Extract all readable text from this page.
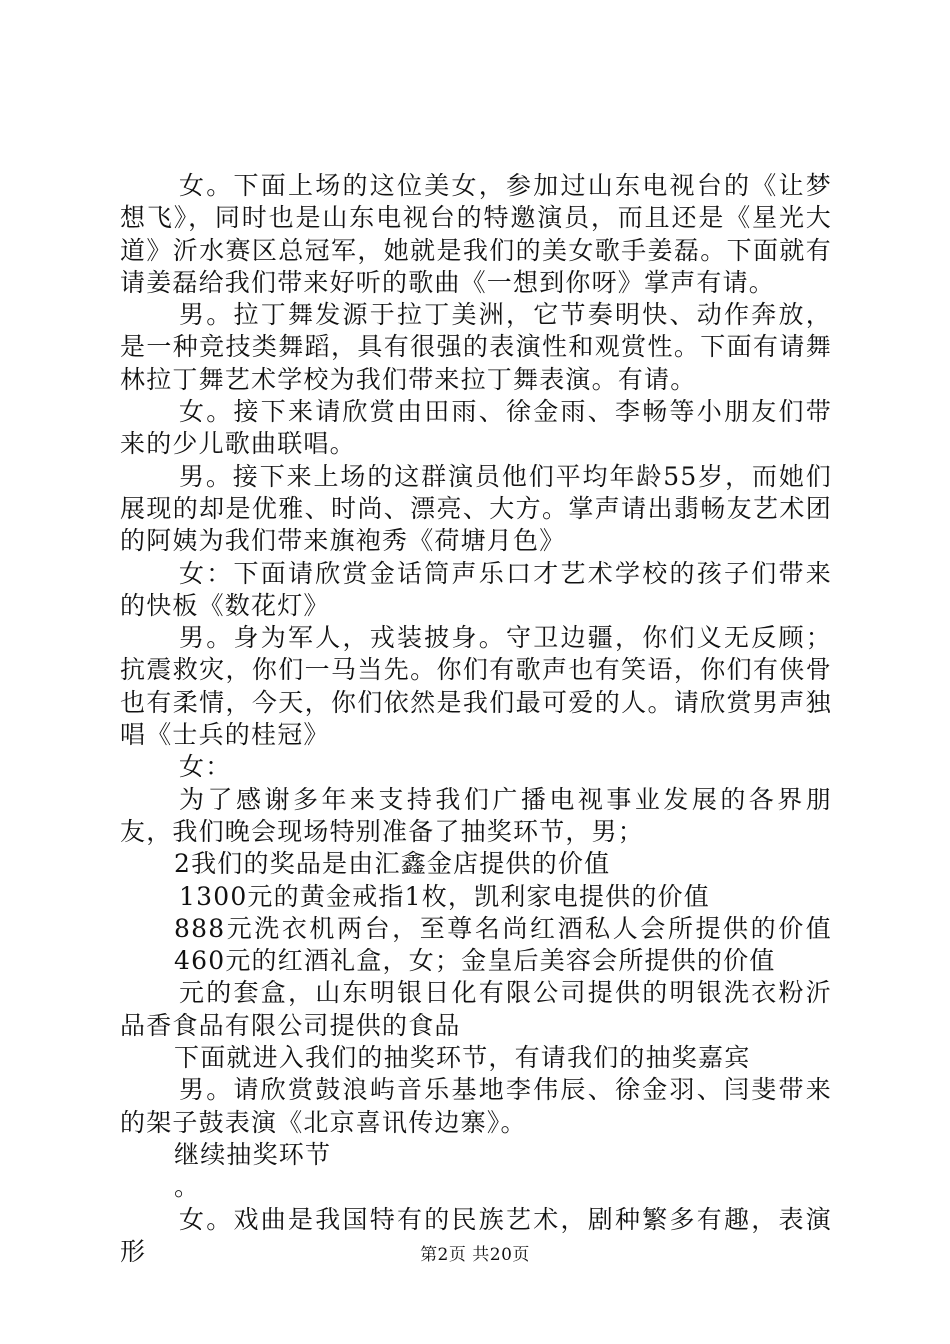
女。下面上场的这位美女，参加过山东电视台的《让梦想飞》，同时也是山东电视台的特邀演员，而且还是《星光大道》沂水赛区总冠军，她就是我们的美女歌手姜磊。下面就有请姜磊给我们带来好听的歌曲《一想到你呀》掌声有请。

男。拉丁舞发源于拉丁美洲，它节奏明快、动作奔放，是一种竞技类舞蹈，具有很强的表演性和观赏性。下面有请舞林拉丁舞艺术学校为我们带来拉丁舞表演。有请。

女。接下来请欣赏由田雨、徐金雨、李畅等小朋友们带来的少儿歌曲联唱。

男。接下来上场的这群演员他们平均年龄55岁，而她们展现的却是优雅、时尚、漂亮、大方。掌声请出翡畅友艺术团的阿姨为我们带来旗袍秀《荷塘月色》

女：下面请欣赏金话筒声乐口才艺术学校的孩子们带来的快板《数花灯》

男。身为军人，戎装披身。守卫边疆，你们义无反顾；抗震救灾，你们一马当先。你们有歌声也有笑语，你们有侠骨也有柔情，今天，你们依然是我们最可爱的人。请欣赏男声独唱《士兵的桂冠》

女：

为了感谢多年来支持我们广播电视事业发展的各界朋友，我们晚会现场特别准备了抽奖环节，男；

2我们的奖品是由汇鑫金店提供的价值

1300元的黄金戒指1枚，凯利家电提供的价值

888元洗衣机两台，至尊名尚红酒私人会所提供的价值460元的红酒礼盒，女；金皇后美容会所提供的价值

元的套盒，山东明银日化有限公司提供的明银洗衣粉沂品香食品有限公司提供的食品

下面就进入我们的抽奖环节，有请我们的抽奖嘉宾

男。请欣赏鼓浪屿音乐基地李伟辰、徐金羽、闫斐带来的架子鼓表演《北京喜讯传边寨》。

继续抽奖环节

。

女。戏曲是我国特有的民族艺术，剧种繁多有趣，表演形	第2页 共20页
